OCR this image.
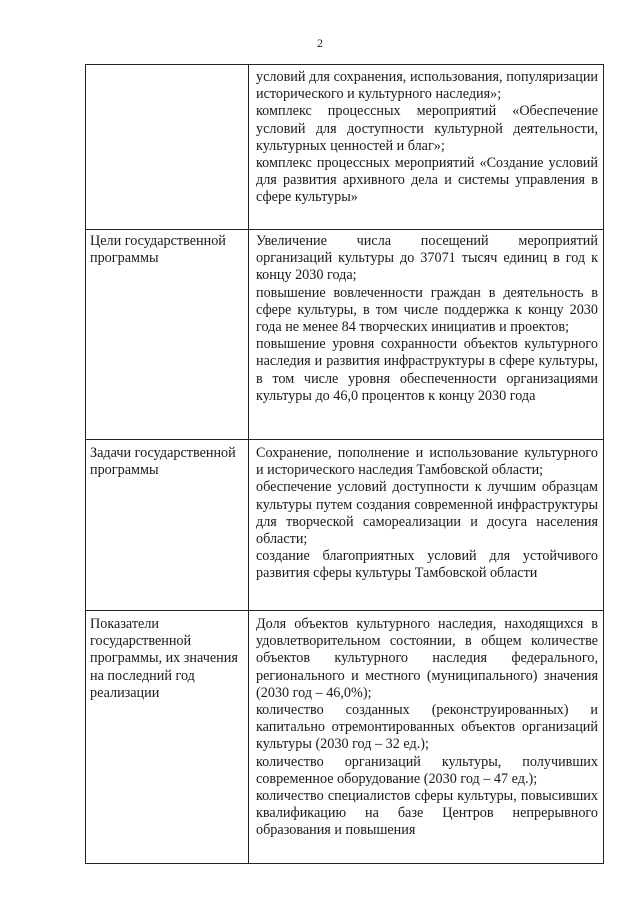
2

	условий для сохранения, использования, популяризации исторического и культурного наследия»;
комплекс процессных мероприятий «Обеспечение условий для доступности культурной деятельности, культурных ценностей и благ»;
комплекс процессных мероприятий «Создание условий для развития архивного дела и системы управления в сфере культуры»

Цели государственной программы	Увеличение числа посещений мероприятий организаций культуры до 37071 тысяч единиц в год к концу 2030 года;
повышение вовлеченности граждан в деятельность в сфере культуры, в том числе поддержка к концу 2030 года не менее 84 творческих инициатив и проектов;
повышение уровня сохранности объектов культурного наследия и развития инфраструктуры в сфере культуры, в том числе уровня обеспеченности организациями культуры до 46,0 процентов к концу 2030 года

Задачи государственной программы	Сохранение, пополнение и использование культурного и исторического наследия Тамбовской области;
обеспечение условий доступности к лучшим образцам культуры путем создания современной инфраструктуры для творческой самореализации и досуга населения области;
создание благоприятных условий для устойчивого развития сферы культуры Тамбовской области

Показатели государственной программы, их значения на последний год реализации	Доля объектов культурного наследия, находящихся в удовлетворительном состоянии, в общем количестве объектов культурного наследия федерального, регионального и местного (муниципального) значения (2030 год – 46,0%);
количество созданных (реконструированных) и капитально отремонтированных объектов организаций культуры (2030 год – 32 ед.);
количество организаций культуры, получивших современное оборудование (2030 год – 47 ед.);
количество специалистов сферы культуры, повысивших квалификацию на базе Центров непрерывного образования и повышения
